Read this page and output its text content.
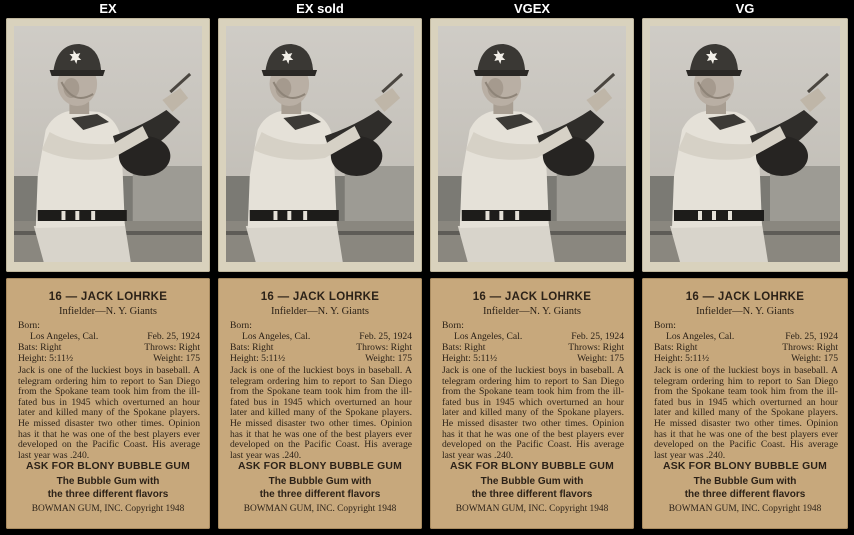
EX
16 — JACK LOHRKE
Infielder—N. Y. Giants
Born:
Los Angeles, Cal.	Feb. 25, 1924
Bats: Right	Throws: Right
Height: 5:11½	Weight: 175
Jack is one of the luckiest boys in baseball. A telegram ordering him to report to San Diego from the Spokane team took him from the ill-fated bus in 1945 which overturned an hour later and killed many of the Spokane players. He missed disaster two other times. Opinion has it that he was one of the best players ever developed on the Pacific Coast. His average last year was .240.
ASK FOR BLONY BUBBLE GUM
The Bubble Gum with
the three different flavors
BOWMAN GUM, INC. Copyright 1948
EX sold
16 — JACK LOHRKE
Infielder—N. Y. Giants
Born:
Los Angeles, Cal.	Feb. 25, 1924
Bats: Right	Throws: Right
Height: 5:11½	Weight: 175
Jack is one of the luckiest boys in baseball. A telegram ordering him to report to San Diego from the Spokane team took him from the ill-fated bus in 1945 which overturned an hour later and killed many of the Spokane players. He missed disaster two other times. Opinion has it that he was one of the best players ever developed on the Pacific Coast. His average last year was .240.
ASK FOR BLONY BUBBLE GUM
The Bubble Gum with
the three different flavors
BOWMAN GUM, INC. Copyright 1948
VGEX
16 — JACK LOHRKE
Infielder—N. Y. Giants
Born:
Los Angeles, Cal.	Feb. 25, 1924
Bats: Right	Throws: Right
Height: 5:11½	Weight: 175
Jack is one of the luckiest boys in baseball. A telegram ordering him to report to San Diego from the Spokane team took him from the ill-fated bus in 1945 which overturned an hour later and killed many of the Spokane players. He missed disaster two other times. Opinion has it that he was one of the best players ever developed on the Pacific Coast. His average last year was .240.
ASK FOR BLONY BUBBLE GUM
The Bubble Gum with
the three different flavors
BOWMAN GUM, INC. Copyright 1948
VG
16 — JACK LOHRKE
Infielder—N. Y. Giants
Born:
Los Angeles, Cal.	Feb. 25, 1924
Bats: Right	Throws: Right
Height: 5:11½	Weight: 175
Jack is one of the luckiest boys in baseball. A telegram ordering him to report to San Diego from the Spokane team took him from the ill-fated bus in 1945 which overturned an hour later and killed many of the Spokane players. He missed disaster two other times. Opinion has it that he was one of the best players ever developed on the Pacific Coast. His average last year was .240.
ASK FOR BLONY BUBBLE GUM
The Bubble Gum with
the three different flavors
BOWMAN GUM, INC. Copyright 1948
